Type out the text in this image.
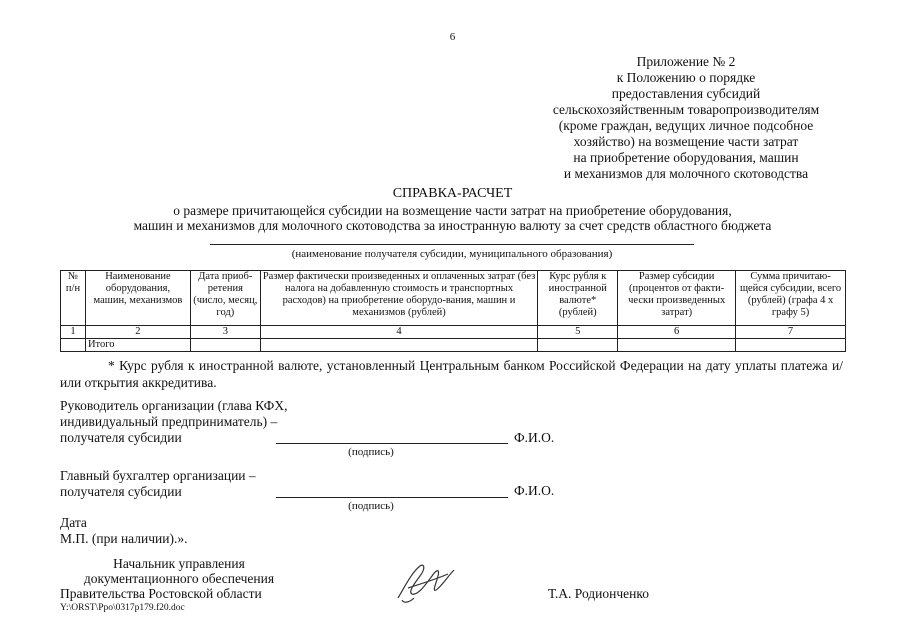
6
Приложение № 2
к Положению о порядке
предоставления субсидий
сельскохозяйственным товаропроизводителям
(кроме граждан, ведущих личное подсобное
хозяйство) на возмещение части затрат
на приобретение оборудования, машин
и механизмов для молочного скотоводства
СПРАВКА-РАСЧЕТ
о размере причитающейся субсидии на возмещение части затрат на приобретение оборудования,
машин и механизмов для молочного скотоводства за иностранную валюту за счет средств областного бюджета
(наименование получателя субсидии, муниципального образования)
№ п/н	Наименование оборудования, машин, механизмов	Дата приоб-ретения (число, месяц, год)	Размер фактически произведенных и оплаченных затрат (без налога на добавленную стоимость и транспортных расходов) на приобретение оборудо-вания, машин и механизмов (рублей)	Курс рубля к иностранной валюте* (рублей)	Размер субсидии (процентов от факти-чески произведенных затрат)	Сумма причитаю-щейся субсидии, всего (рублей) (графа 4 х графу 5)
1	2	3	4	5	6	7
	Итого					
* Курс рубля к иностранной валюте, установленный Центральным банком Российской Федерации на дату уплаты платежа и/или открытия аккредитива.
Руководитель организации (глава КФХ,
индивидуальный предприниматель) –
получателя субсидии
(подпись)
Ф.И.О.
Главный бухгалтер организации –
получателя субсидии
(подпись)
Ф.И.О.
Дата
М.П. (при наличии).».
Начальник управления
документационного обеспечения
Правительства Ростовской области	Т.А. Родионченко
Y:\ORST\Ppo\0317p179.f20.doc
